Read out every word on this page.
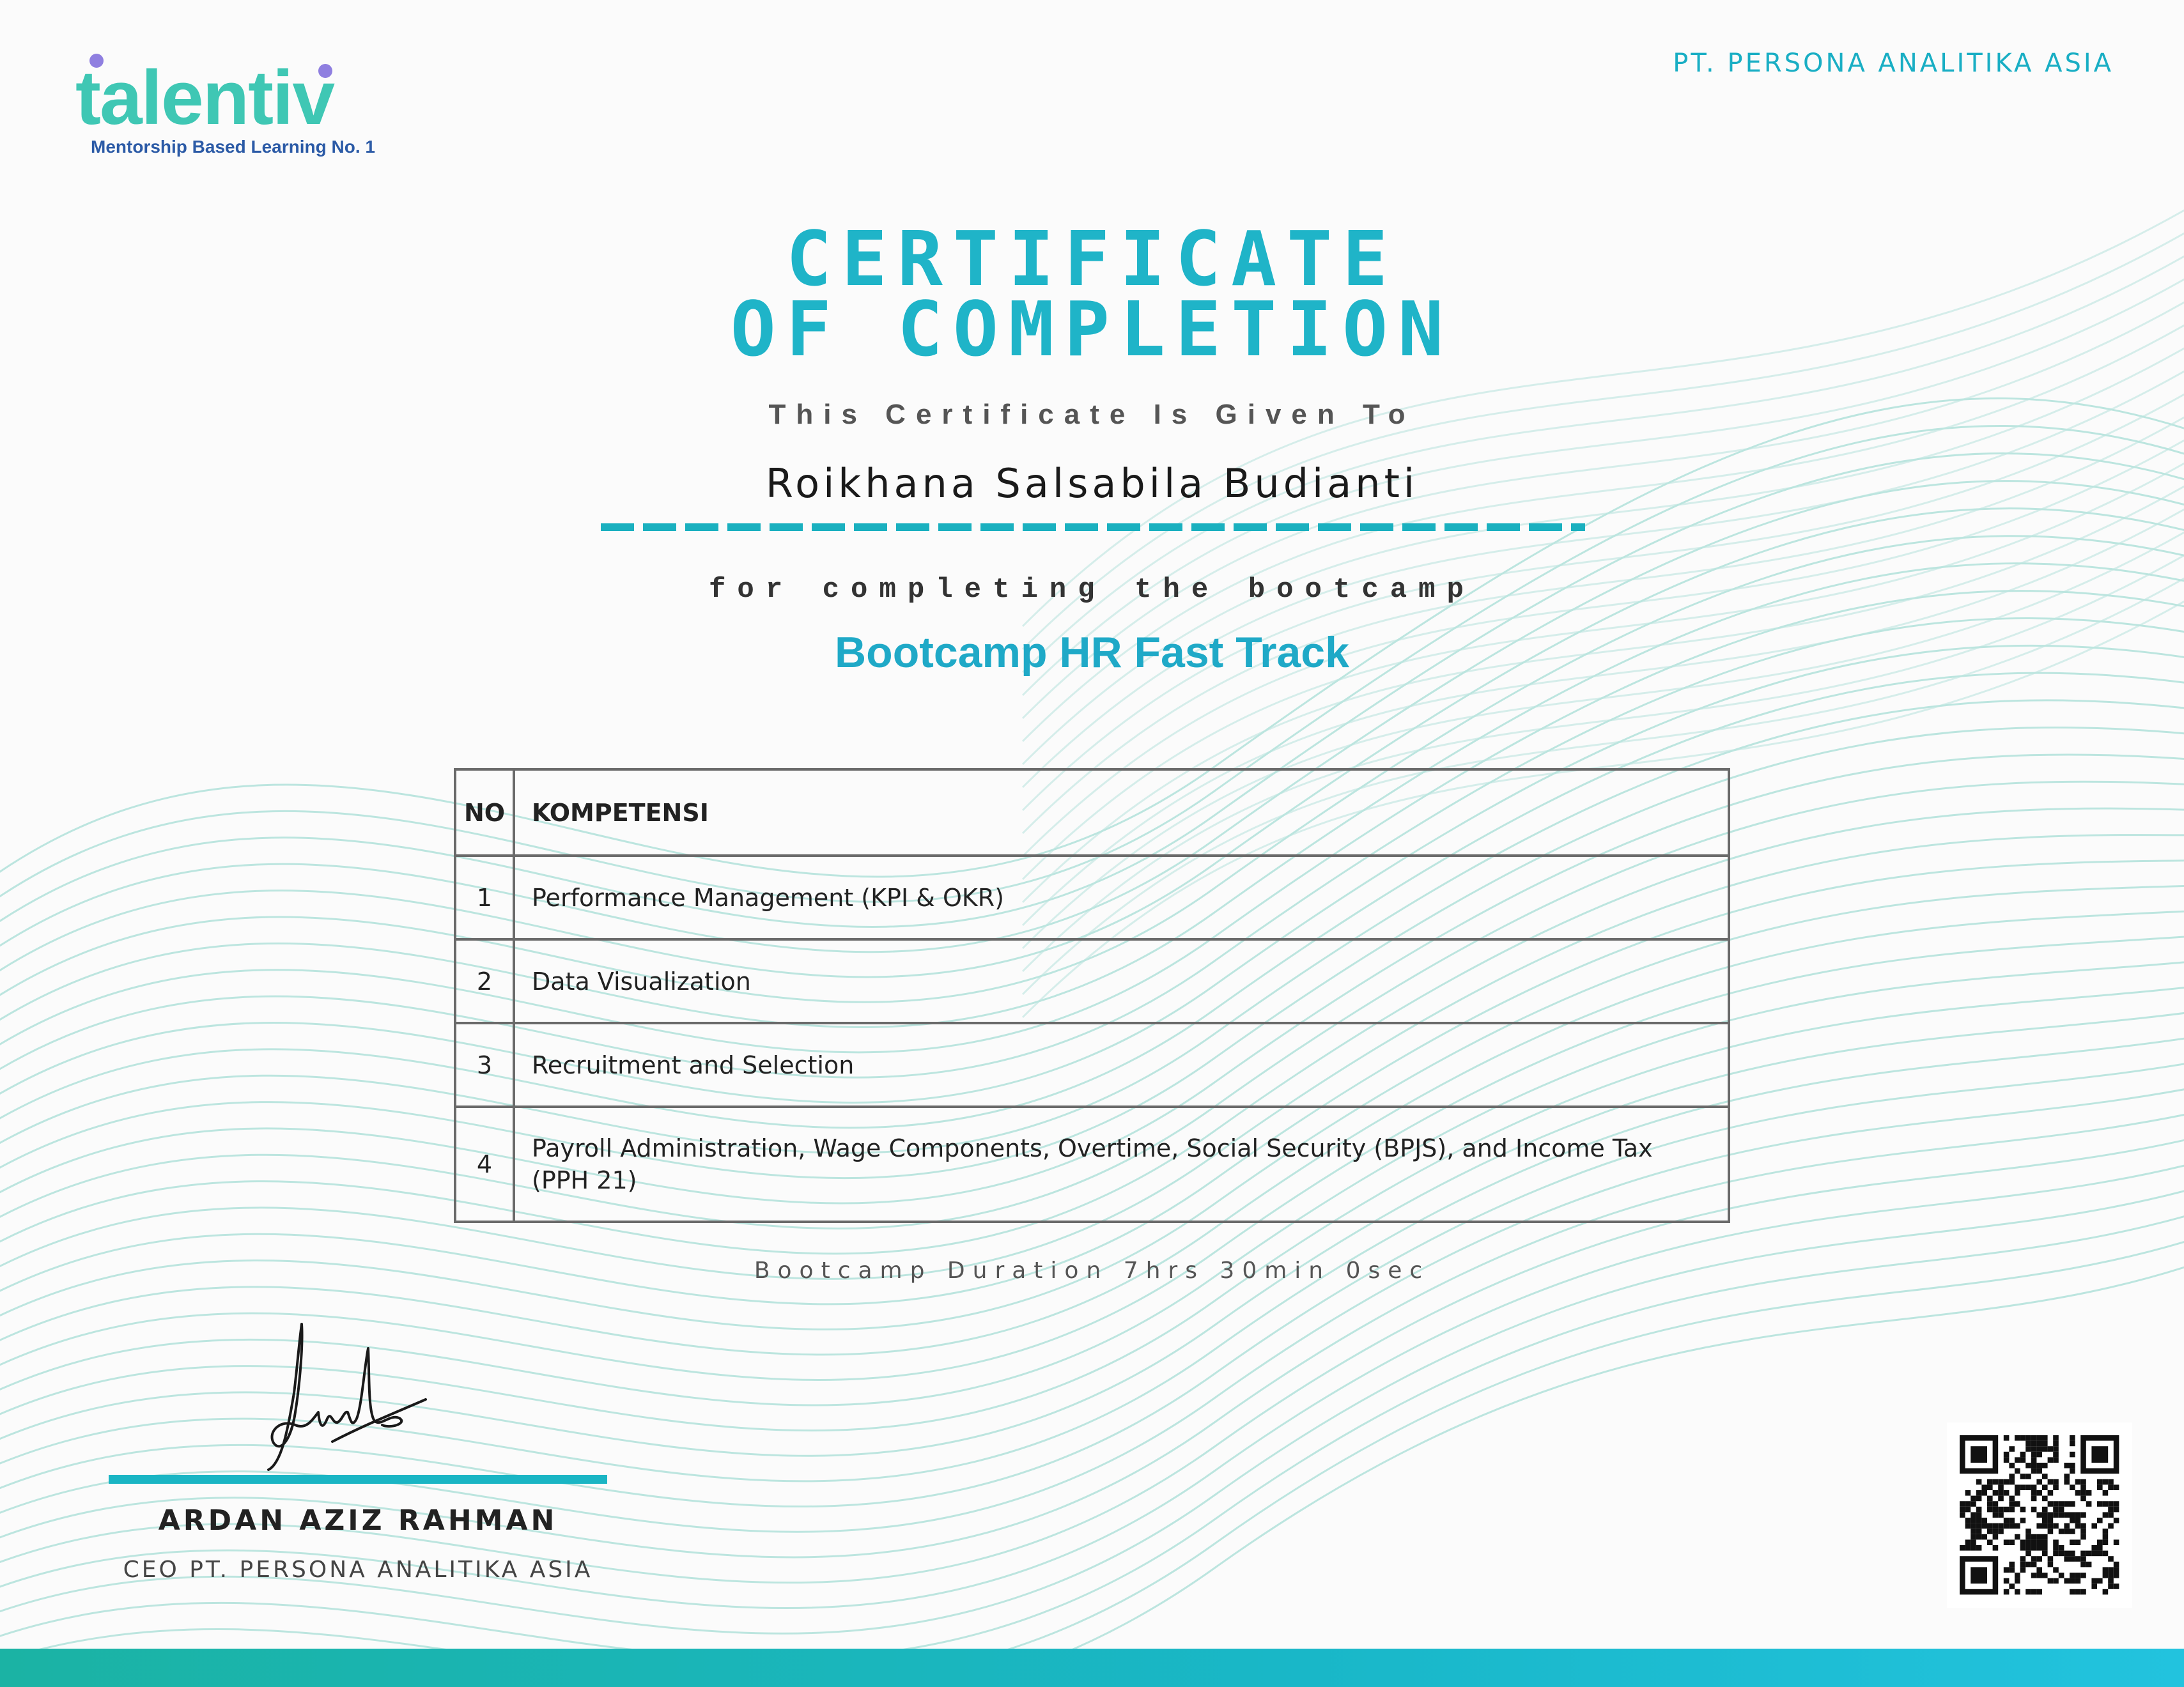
talentiv
Mentorship Based Learning No. 1
PT. PERSONA ANALITIKA ASIA
CERTIFICATE
OF COMPLETION
This Certificate Is Given To
Roikhana Salsabila Budianti
for completing the bootcamp
Bootcamp HR Fast Track
NO	KOMPETENSI
1	Performance Management (KPI & OKR)
2	Data Visualization
3	Recruitment and Selection
4	Payroll Administration, Wage Components, Overtime, Social Security (BPJS), and Income Tax (PPH 21)
Bootcamp Duration 7hrs 30min 0sec
ARDAN AZIZ RAHMAN
CEO PT. PERSONA ANALITIKA ASIA
